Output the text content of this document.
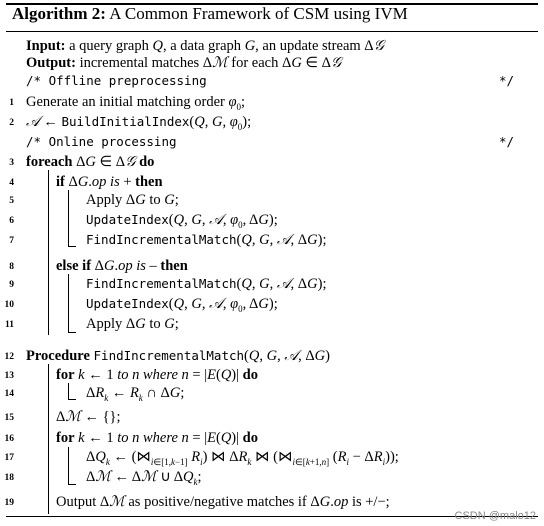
Algorithm 2: A Common Framework of CSM using IVM
Input: a query graph Q, a data graph G, an update stream Δ𝒢
Output: incremental matches Δℳ for each ΔG ∈ Δ𝒢
/* Offline preprocessing	*/
1 Generate an initial matching order $\varphi_0$;
2 𝒜 ← BuildInitialIndex(Q, G, $\varphi_0$);
/* Online processing	*/
3 foreach ΔG ∈ Δ𝒢 do
4	if ΔG.op is + then
5	Apply ΔG to G;
6	UpdateIndex(Q, G, 𝒜, $\varphi_0$, ΔG);
7	FindIncrementalMatch(Q, G, 𝒜, ΔG);
8	else if ΔG.op is – then
9	FindIncrementalMatch(Q, G, 𝒜, ΔG);
10	UpdateIndex(Q, G, 𝒜, $\varphi_0$, ΔG);
11	Apply ΔG to G;
12 Procedure FindIncrementalMatch(Q, G, 𝒜, ΔG)
13	for k ← 1 to n where n = |E(Q)| do
14	$\Delta R_k$ ← $R_k$ ∩ ΔG;
15	Δℳ ← {};
16	for k ← 1 to n where n = |E(Q)| do
17	$\Delta Q_k$ ← ($⋈_{i\in[1,k-1]}$ $R_i$) ⋈ $\Delta R_k$ ⋈ ($⋈_{i\in[k+1,n]}$ $(R_i - \Delta R_i)$);
18	Δℳ ← Δℳ ∪ $\Delta Q_k$;
19	Output Δℳ as positive/negative matches if ΔG.op is +/−;
CSDN @malo12
